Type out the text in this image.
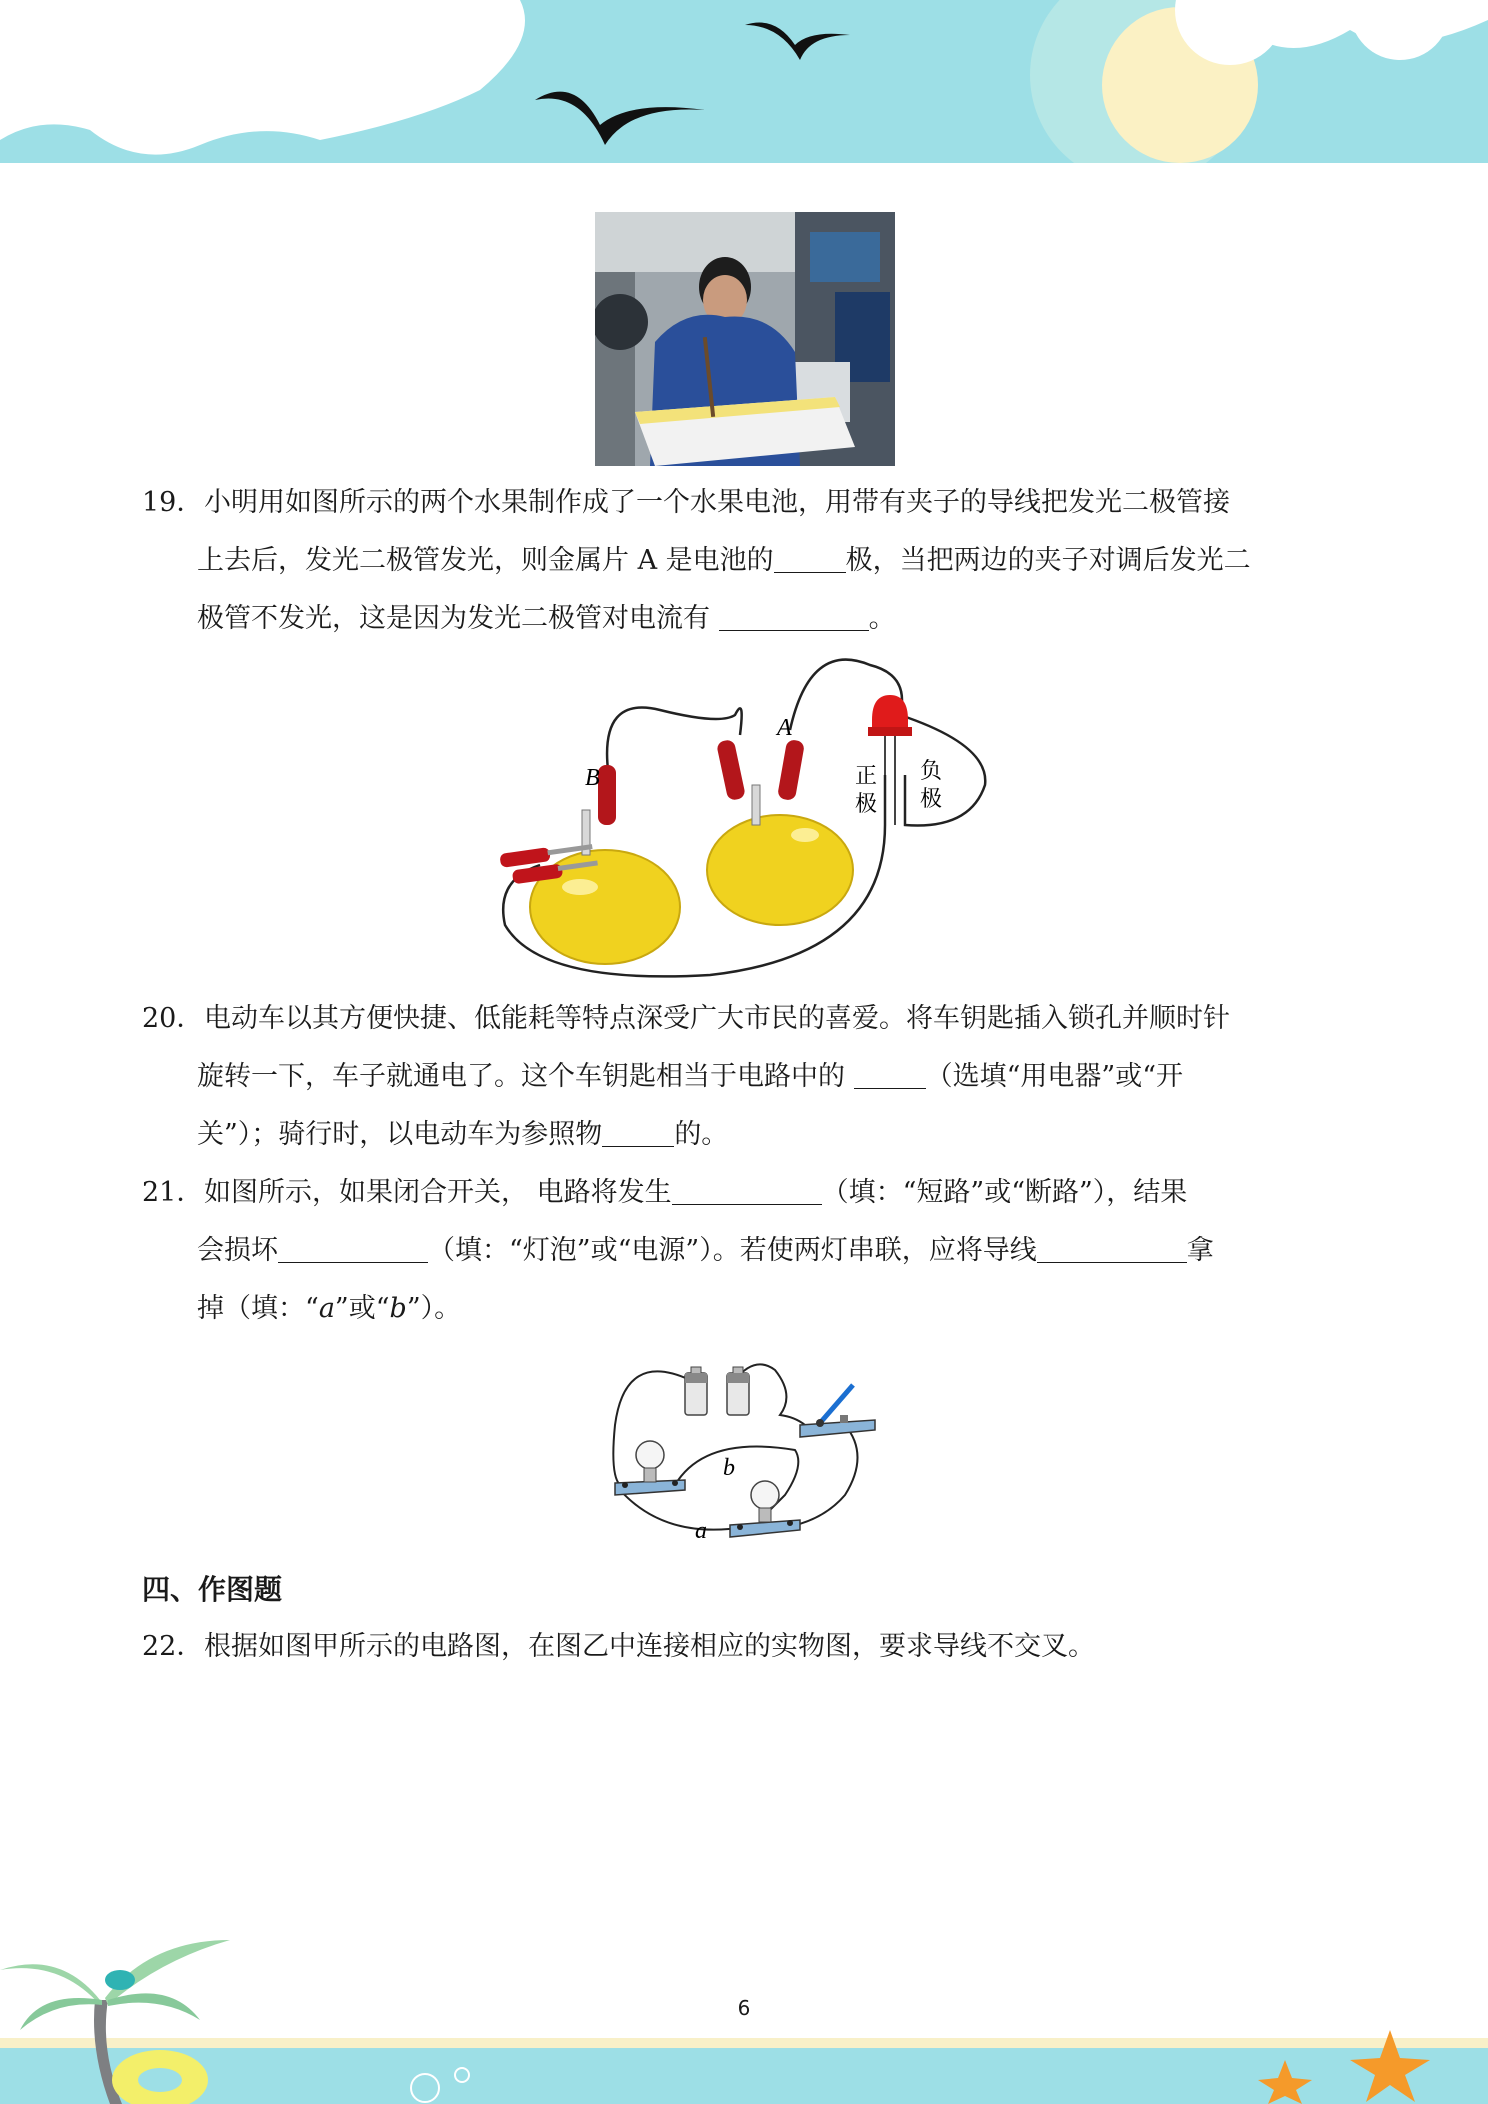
19．小明用如图所示的两个水果制作成了一个水果电池，用带有夹子的导线把发光二极管接
上去后，发光二极管发光，则金属片 A 是电池的	极，当把两边的夹子对调后发光二
极管不发光，这是因为发光二极管对电流有	。
A
B	正
极
负
极
20．电动车以其方便快捷、低能耗等特点深受广大市民的喜爱。将车钥匙插入锁孔并顺时针
旋转一下，车子就通电了。这个车钥匙相当于电路中的	（选填“用电器”或“开
关”）；骑行时，以电动车为参照物	的。
21．如图所示，如果闭合开关， 电路将发生	（填：“短路”或“断路”），结果
会损坏	（填：“灯泡”或“电源”）。若使两灯串联，应将导线	拿
掉（填：“a”或“b”）。
b
a
四、作图题
22．根据如图甲所示的电路图，在图乙中连接相应的实物图，要求导线不交叉。
6
